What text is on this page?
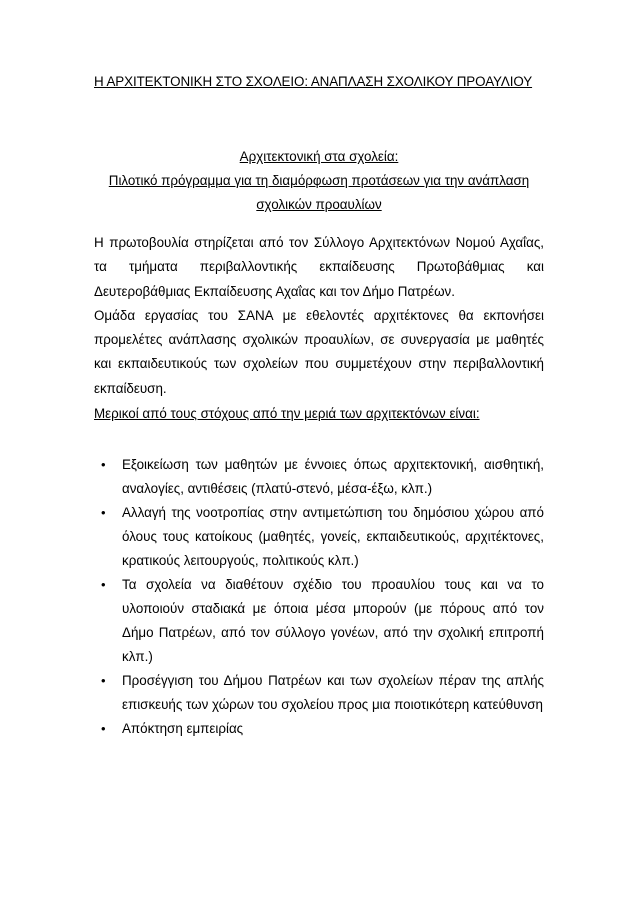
Η ΑΡΧΙΤΕΚΤΟΝΙΚΗ ΣΤΟ ΣΧΟΛΕΙΟ: ΑΝΑΠΛΑΣΗ ΣΧΟΛΙΚΟΥ ΠΡΟΑΥΛΙΟΥ
Αρχιτεκτονική στα σχολεία:
Πιλοτικό πρόγραμμα για τη διαμόρφωση προτάσεων για την ανάπλαση
σχολικών προαυλίων

Η πρωτοβουλία στηρίζεται από τον Σύλλογο Αρχιτεκτόνων Νομού Αχαΐας, τα τμήματα περιβαλλοντικής εκπαίδευσης Πρωτοβάθμιας και Δευτεροβάθμιας Εκπαίδευσης Αχαΐας και τον Δήμο Πατρέων.

Ομάδα εργασίας του ΣΑΝΑ με εθελοντές αρχιτέκτονες θα εκπονήσει προμελέτες ανάπλασης σχολικών προαυλίων, σε συνεργασία με μαθητές και εκπαιδευτικούς των σχολείων που συμμετέχουν στην περιβαλλοντική εκπαίδευση.

Μερικοί από τους στόχους από την μεριά των αρχιτεκτόνων είναι:
• Εξοικείωση των μαθητών με έννοιες όπως αρχιτεκτονική, αισθητική, αναλογίες, αντιθέσεις (πλατύ-στενό, μέσα-έξω, κλπ.)
• Αλλαγή της νοοτροπίας στην αντιμετώπιση του δημόσιου χώρου από όλους τους κατοίκους (μαθητές, γονείς, εκπαιδευτικούς, αρχιτέκτονες, κρατικούς λειτουργούς, πολιτικούς κλπ.)
• Τα σχολεία να διαθέτουν σχέδιο του προαυλίου τους και να το υλοποιούν σταδιακά με όποια μέσα μπορούν (με πόρους από τον Δήμο Πατρέων, από τον σύλλογο γονέων, από την σχολική επιτροπή κλπ.)
• Προσέγγιση του Δήμου Πατρέων και των σχολείων πέραν της απλής επισκευής των χώρων του σχολείου προς μια ποιοτικότερη κατεύθυνση
• Απόκτηση εμπειρίας
